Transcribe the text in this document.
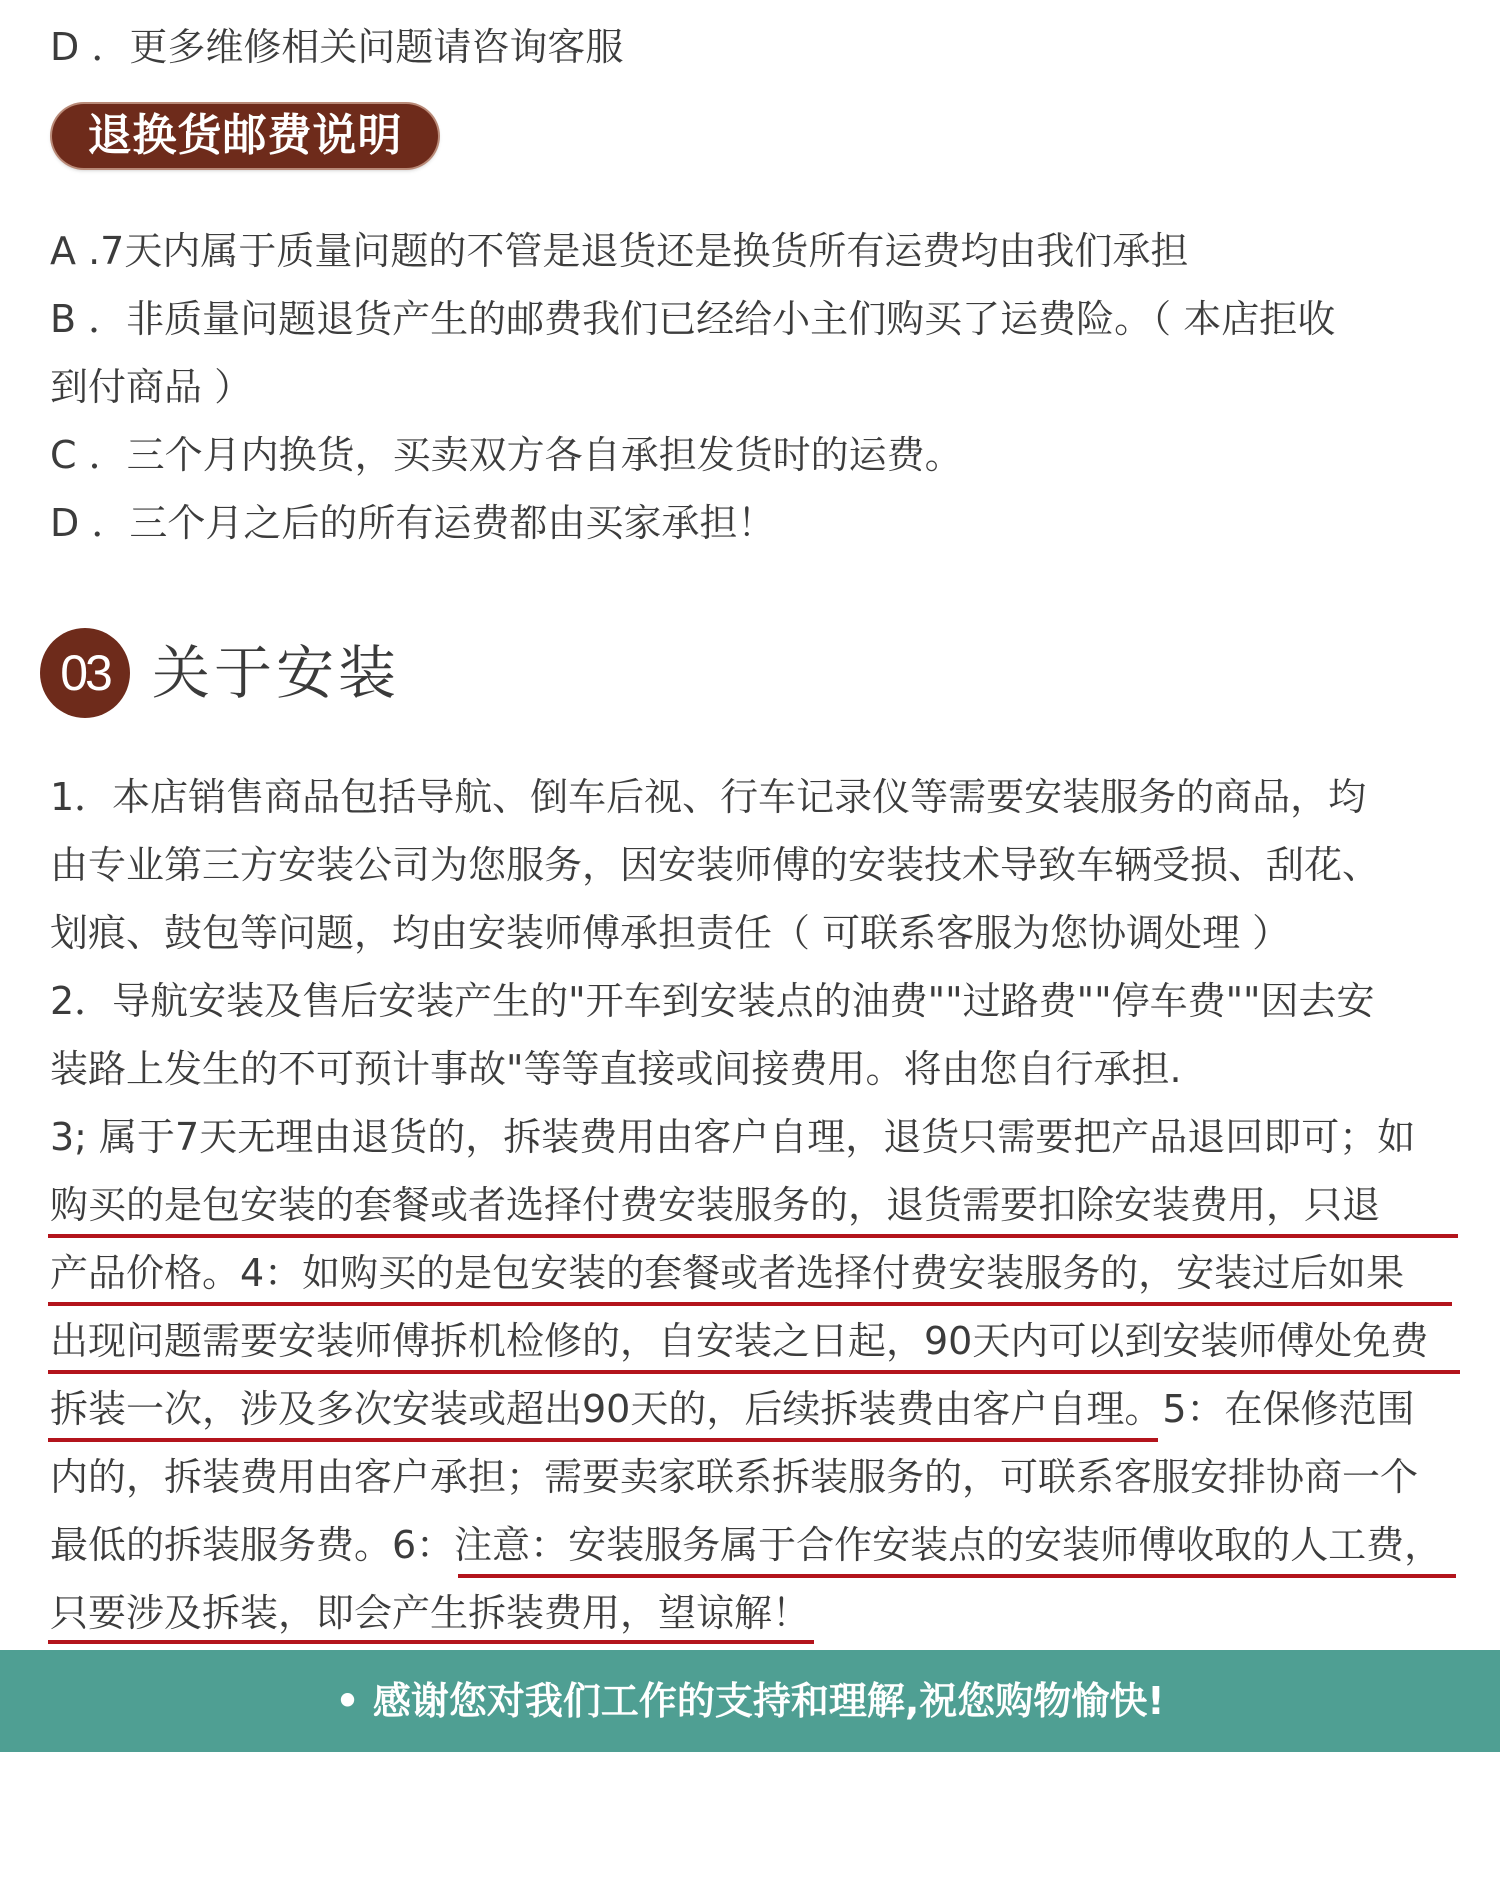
D ．更多维修相关问题请咨询客服
退换货邮费说明
A .7天内属于质量问题的不管是退货还是换货所有运费均由我们承担
B ．非质量问题退货产生的邮费我们已经给小主们购买了运费险。（ 本店拒收
到付商品 ）
C ．三个月内换货，买卖双方各自承担发货时的运费。
D ．三个月之后的所有运费都由买家承担！
03 关于安装
1．本店销售商品包括导航、倒车后视、行车记录仪等需要安装服务的商品，均
由专业第三方安装公司为您服务，因安装师傅的安装技术导致车辆受损、刮花、
划痕、鼓包等问题，均由安装师傅承担责任（ 可联系客服为您协调处理 ）
2．导航安装及售后安装产生的"开车到安装点的油费""过路费""停车费""因去安
装路上发生的不可预计事故"等等直接或间接费用。将由您自行承担.
3; 属于7天无理由退货的，拆装费用由客户自理，退货只需要把产品退回即可；如
购买的是包安装的套餐或者选择付费安装服务的，退货需要扣除安装费用，只退
产品价格。4：如购买的是包安装的套餐或者选择付费安装服务的，安装过后如果
出现问题需要安装师傅拆机检修的，自安装之日起，90天内可以到安装师傅处免费
拆装一次，涉及多次安装或超出90天的，后续拆装费由客户自理。5：在保修范围
内的，拆装费用由客户承担；需要卖家联系拆装服务的，可联系客服安排协商一个
最低的拆装服务费。6：注意：安装服务属于合作安装点的安装师傅收取的人工费，
只要涉及拆装，即会产生拆装费用，望谅解！
• 感谢您对我们工作的支持和理解,祝您购物愉快!
